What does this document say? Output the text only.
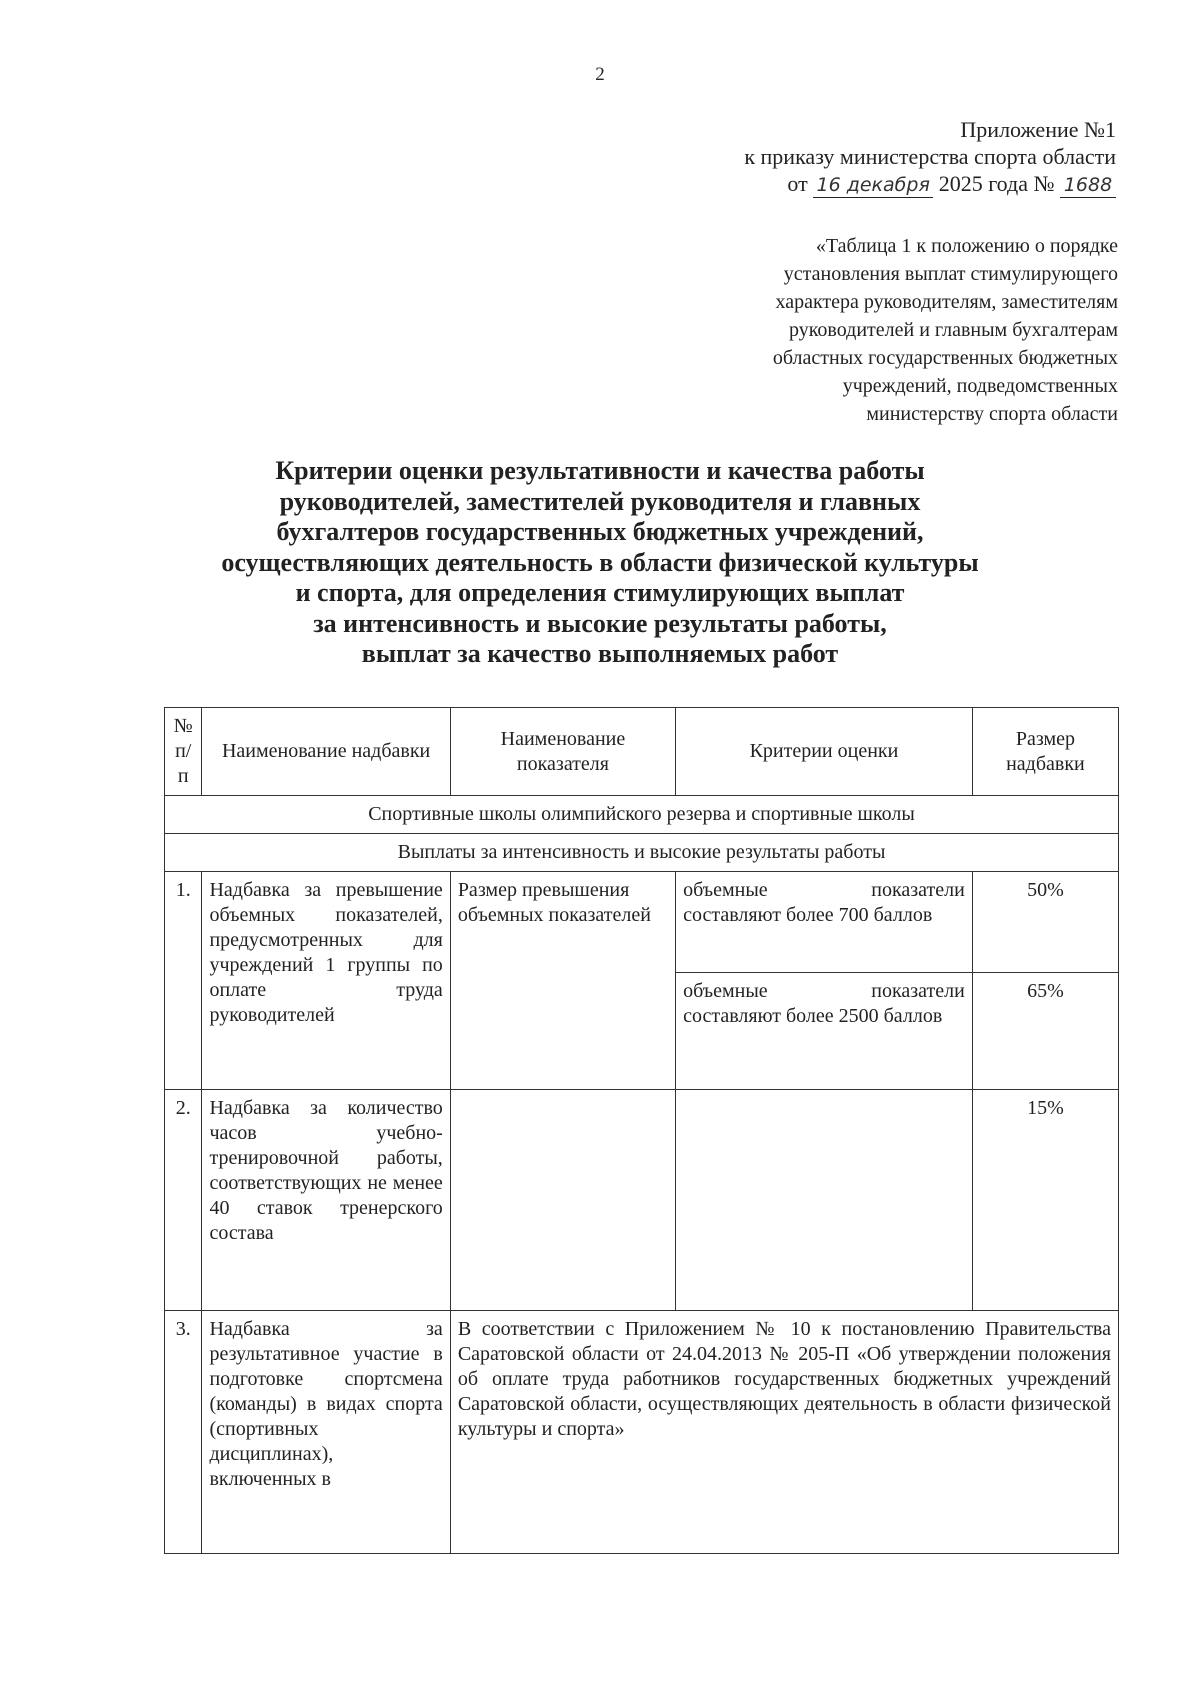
2
Приложение №1
к приказу министерства спорта области
от 16 декабря 2025 года № 1688
«Таблица 1 к положению о порядке
установления выплат стимулирующего
характера руководителям, заместителям
руководителей и главным бухгалтерам
областных государственных бюджетных
учреждений, подведомственных
министерству спорта области
Критерии оценки результативности и качества работы
руководителей, заместителей руководителя и главных
бухгалтеров государственных бюджетных учреждений,
осуществляющих деятельность в области физической культуры
и спорта, для определения стимулирующих выплат
за интенсивность и высокие результаты работы,
выплат за качество выполняемых работ
№ п/п	Наименование надбавки	Наименование показателя	Критерии оценки	Размер надбавки
Спортивные школы олимпийского резерва и спортивные школы				
Выплаты за интенсивность и высокие результаты работы				
1.	Надбавка за превышение объемных показателей, предусмотренных для учреждений 1 группы по оплате труда руководителей	Размер превышения объемных показателей	объемные показатели составляют более 700 баллов	50%
			объемные показатели составляют более 2500 баллов	65%
2.	Надбавка за количество часов учебно-тренировочной работы, соответствующих не менее 40 ставок тренерского состава			15%
3.	Надбавка за результативное участие в подготовке спортсмена (команды) в видах спорта (спортивных дисциплинах), включенных в	В соответствии с Приложением № 10 к постановлению Правительства Саратовской области от 24.04.2013 № 205-П «Об утверждении положения об оплате труда работников государственных бюджетных учреждений Саратовской области, осуществляющих деятельность в области физической культуры и спорта»		
